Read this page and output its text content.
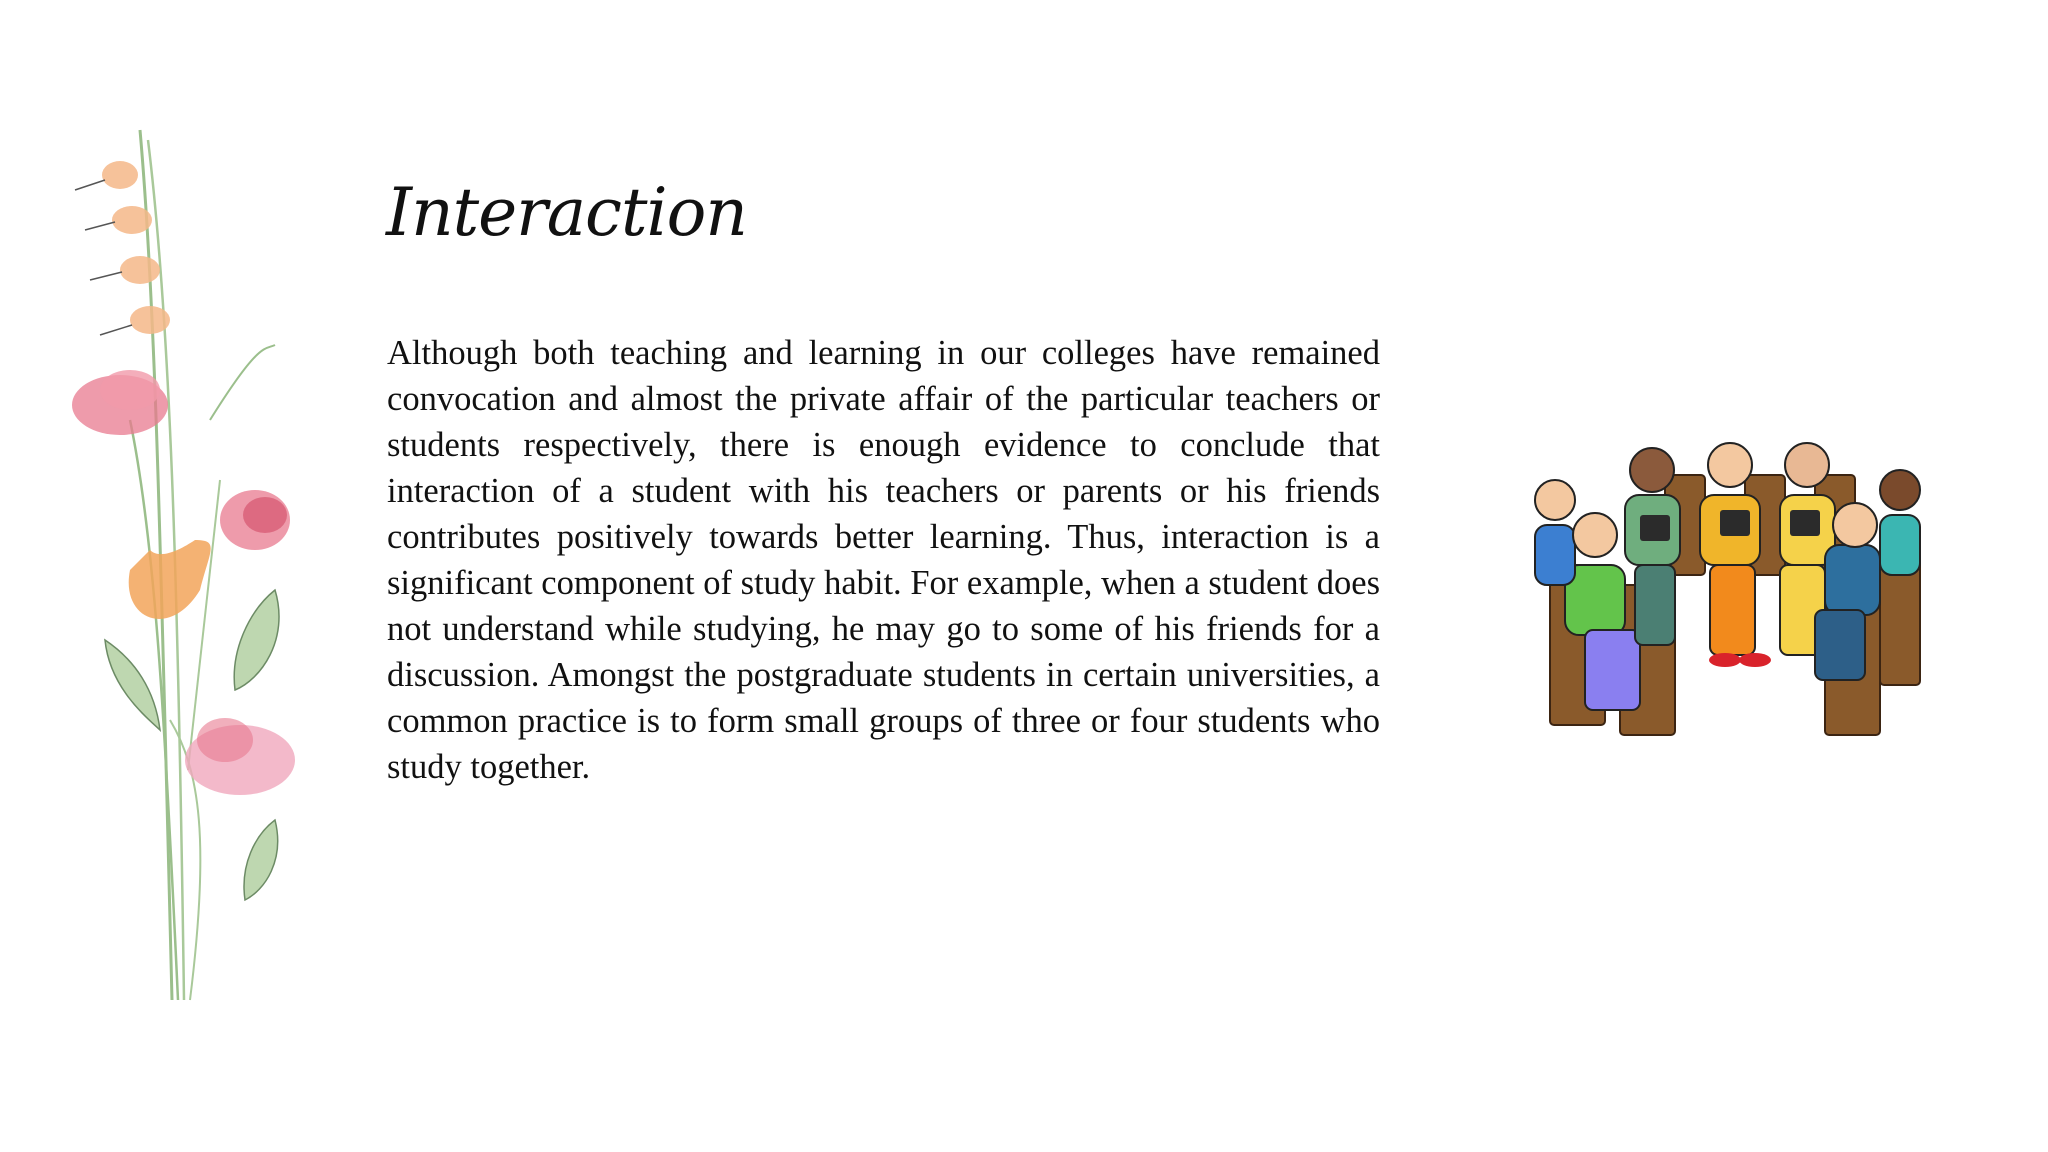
Interaction

Although both teaching and learning in our colleges have remained convocation and almost the private affair of the particular teachers or students respectively, there is enough evidence to conclude that interaction of a student with his teachers or parents or his friends contributes positively towards better learning. Thus, interaction is a significant component of study habit. For example, when a student does not understand while studying, he may go to some of his friends for a discussion. Amongst the postgraduate students in certain universities, a common practice is to form small groups of three or four students who study together.
